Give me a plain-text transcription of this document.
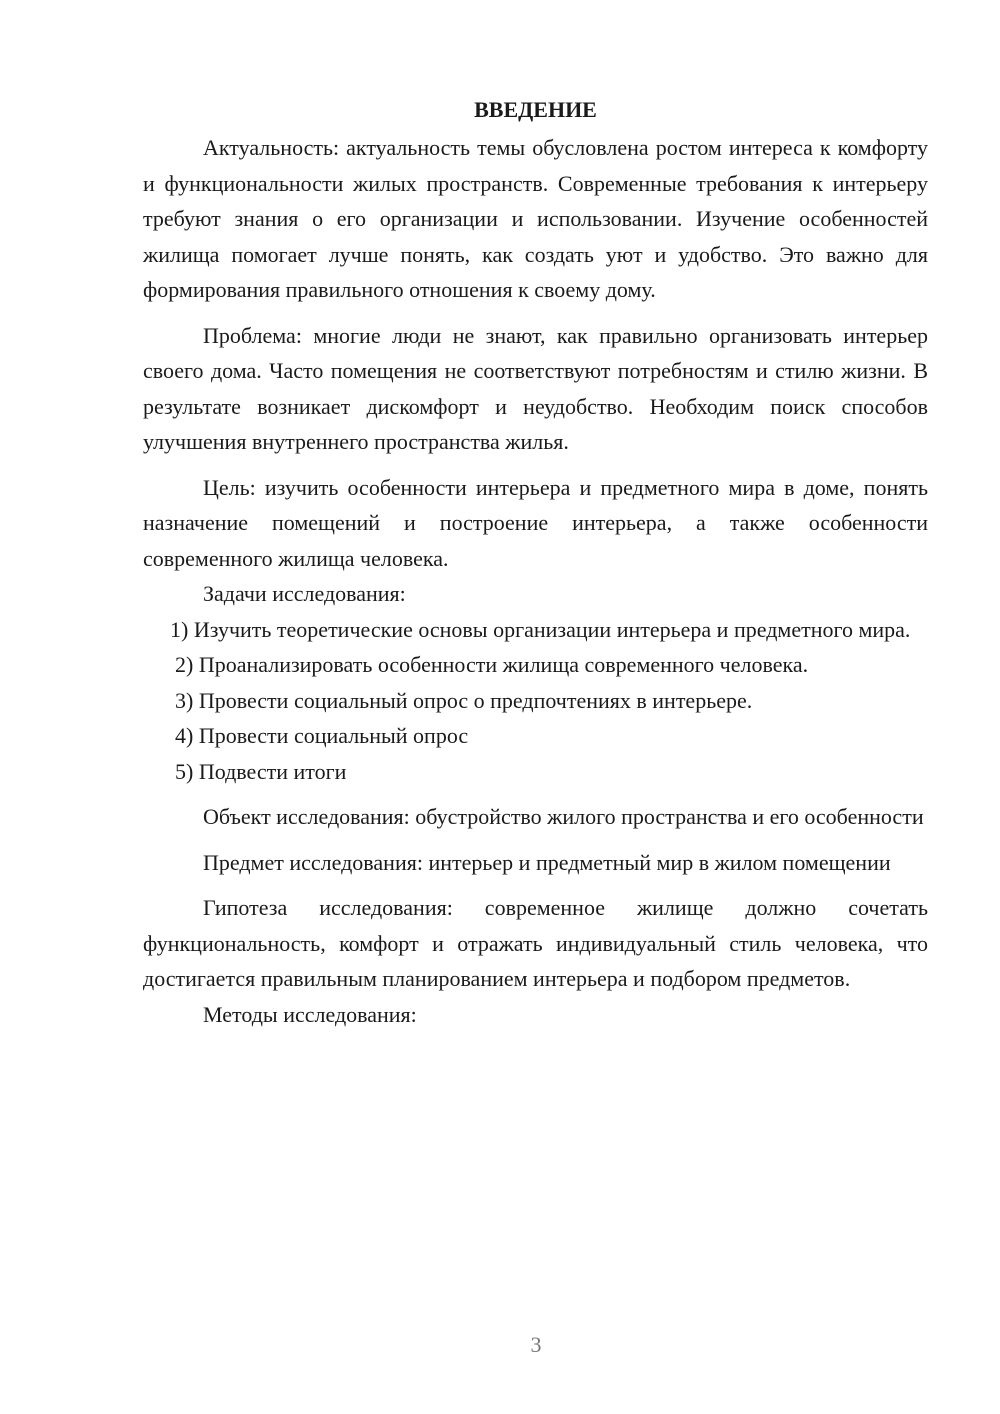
ВВЕДЕНИЕ

Актуальность: актуальность темы обусловлена ростом интереса к комфорту и функциональности жилых пространств. Современные требования к интерьеру требуют знания о его организации и использовании. Изучение особенностей жилища помогает лучше понять, как создать уют и удобство. Это важно для формирования правильного отношения к своему дому.

Проблема: многие люди не знают, как правильно организовать интерьер своего дома. Часто помещения не соответствуют потребностям и стилю жизни. В результате возникает дискомфорт и неудобство. Необходим поиск способов улучшения внутреннего пространства жилья.

Цель: изучить особенности интерьера и предметного мира в доме, понять назначение помещений и построение интерьера, а также особенности современного жилища человека.

Задачи исследования:

1) Изучить теоретические основы организации интерьера и предметного мира.

2) Проанализировать особенности жилища современного человека.

3) Провести социальный опрос о предпочтениях в интерьере.

4) Провести социальный опрос

5) Подвести итоги

Объект исследования: обустройство жилого пространства и его особенности

Предмет исследования: интерьер и предметный мир в жилом помещении

Гипотеза исследования: современное жилище должно сочетать функциональность, комфорт и отражать индивидуальный стиль человека, что достигается правильным планированием интерьера и подбором предметов.

Методы исследования:

3
